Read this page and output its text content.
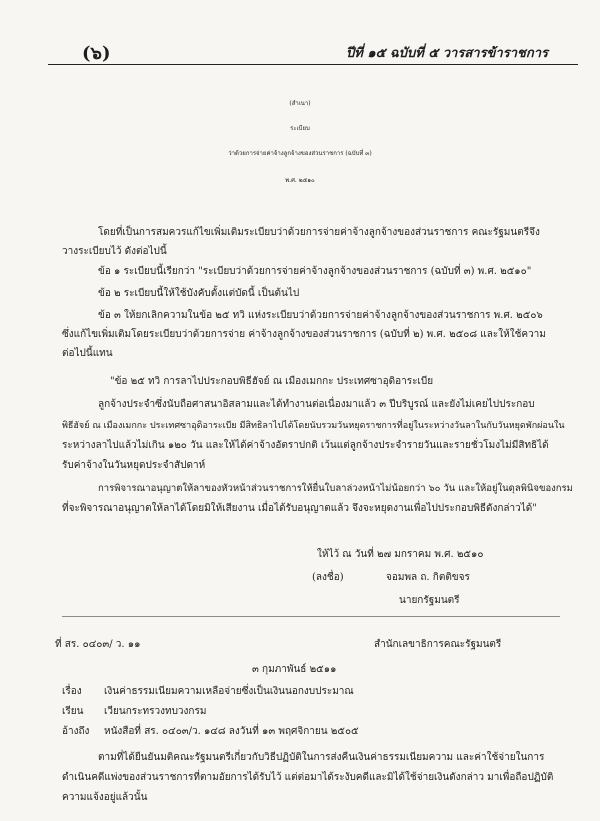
(๖)	ปีที่ ๑๕ ฉบับที่ ๕ วารสารข้าราชการ
(สำเนา)
ระเบียบ
ว่าด้วยการจ่ายค่าจ้างลูกจ้างของส่วนราชการ (ฉบับที่ ๓)
พ.ศ. ๒๕๑๐
โดยที่เป็นการสมควรแก้ไขเพิ่มเติมระเบียบว่าด้วยการจ่ายค่าจ้างลูกจ้างของส่วนราชการ คณะรัฐมนตรีจึง
วางระเบียบไว้ ดังต่อไปนี้
ข้อ ๑ ระเบียบนี้เรียกว่า "ระเบียบว่าด้วยการจ่ายค่าจ้างลูกจ้างของส่วนราชการ (ฉบับที่ ๓) พ.ศ. ๒๕๑๐"
ข้อ ๒ ระเบียบนี้ให้ใช้บังคับตั้งแต่บัดนี้ เป็นต้นไป
ข้อ ๓ ให้ยกเลิกความในข้อ ๒๕ ทวิ แห่งระเบียบว่าด้วยการจ่ายค่าจ้างลูกจ้างของส่วนราชการ พ.ศ. ๒๕๐๖
ซึ่งแก้ไขเพิ่มเติมโดยระเบียบว่าด้วยการจ่าย ค่าจ้างลูกจ้างของส่วนราชการ (ฉบับที่ ๒) พ.ศ. ๒๕๐๘ และให้ใช้ความ
ต่อไปนี้แทน
"ข้อ ๒๕ ทวิ การลาไปประกอบพิธีฮัจย์ ณ เมืองเมกกะ ประเทศซาอุดิอาระเบีย
ลูกจ้างประจำซึ่งนับถือศาสนาอิสลามและได้ทำงานต่อเนื่องมาแล้ว ๓ ปีบริบูรณ์ และยังไม่เคยไปประกอบ
พิธีฮัจย์ ณ เมืองเมกกะ ประเทศซาอุดิอาระเบีย มีสิทธิลาไปได้โดยนับรวมวันหยุดราชการที่อยู่ในระหว่างวันลาในกับวันหยุดพักผ่อนใน
ระหว่างลาไปแล้วไม่เกิน ๑๒๐ วัน และให้ได้ค่าจ้างอัตราปกติ เว้นแต่ลูกจ้างประจำรายวันและรายชั่วโมงไม่มีสิทธิได้
รับค่าจ้างในวันหยุดประจำสัปดาห์
การพิจารณาอนุญาตให้ลาของหัวหน้าส่วนราชการให้ยื่นใบลาล่วงหน้าไม่น้อยกว่า ๖๐ วัน และให้อยู่ในดุลพินิจของกรม
ที่จะพิจารณาอนุญาตให้ลาได้โดยมิให้เสียงาน เมื่อได้รับอนุญาตแล้ว จึงจะหยุดงานเพื่อไปประกอบพิธีดังกล่าวได้"
ให้ไว้ ณ วันที่ ๒๗ มกราคม พ.ศ. ๒๕๑๐
(ลงชื่อ)	จอมพล ถ. กิตติขจร
นายกรัฐมนตรี
ที่ สร. ๐๔๐๓/ ว. ๑๑	สำนักเลขาธิการคณะรัฐมนตรี
๓ กุมภาพันธ์ ๒๕๑๑
เรื่อง เงินค่าธรรมเนียมความเหลือจ่ายซึ่งเป็นเงินนอกงบประมาณ
เรียน เวียนกระทรวงทบวงกรม
อ้างถึง หนังสือที่ สร. ๐๔๐๓/ว. ๑๔๘ ลงวันที่ ๑๓ พฤศจิกายน ๒๕๐๕
ตามที่ได้ยืนยันมติคณะรัฐมนตรีเกี่ยวกับวิธีปฏิบัติในการส่งคืนเงินค่าธรรมเนียมความ และค่าใช้จ่ายในการ
ดำเนินคดีแพ่งของส่วนราชการที่ตามอัยการได้รับไว้ แต่ต่อมาได้ระงับคดีและมิได้ใช้จ่ายเงินดังกล่าว มาเพื่อถือปฏิบัติ
ความแจ้งอยู่แล้วนั้น
